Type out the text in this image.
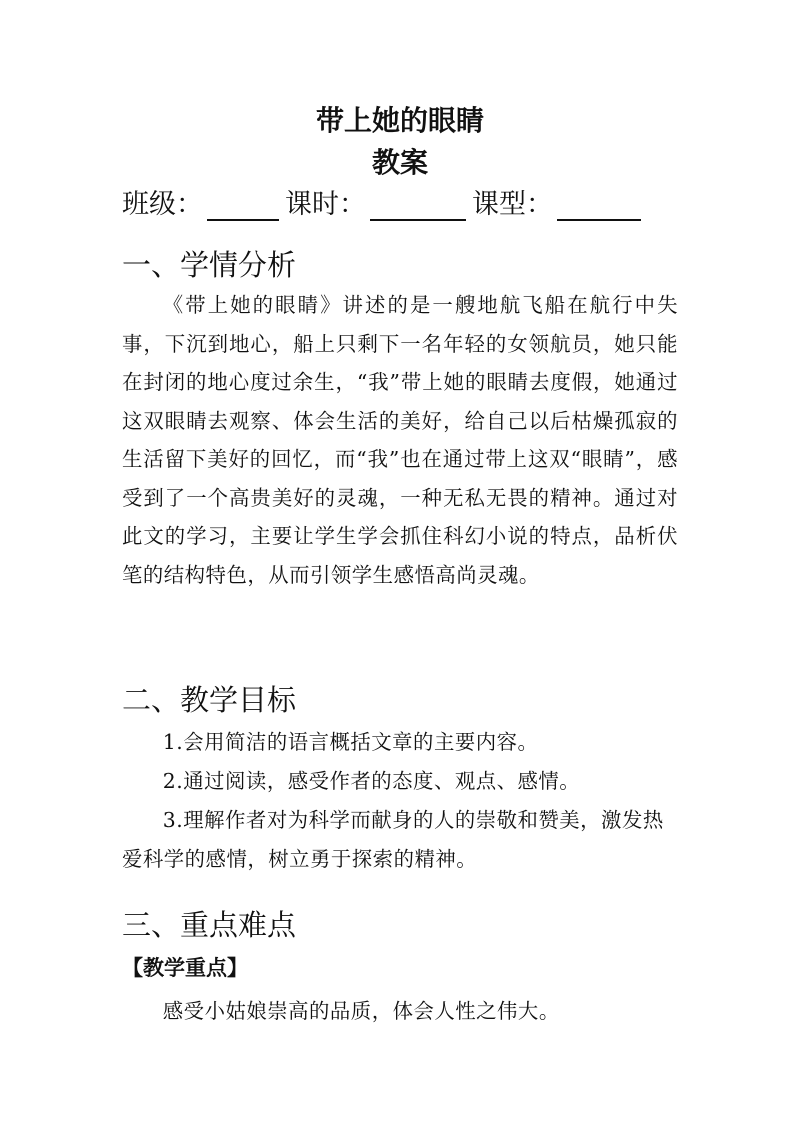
带上她的眼睛
教案
班级：	课时：	课型：
一、学情分析
《带上她的眼睛》讲述的是一艘地航飞船在航行中失事，下沉到地心，船上只剩下一名年轻的女领航员，她只能在封闭的地心度过余生，“我”带上她的眼睛去度假，她通过这双眼睛去观察、体会生活的美好，给自己以后枯燥孤寂的生活留下美好的回忆，而“我”也在通过带上这双“眼睛”，感受到了一个高贵美好的灵魂，一种无私无畏的精神。通过对此文的学习，主要让学生学会抓住科幻小说的特点，品析伏笔的结构特色，从而引领学生感悟高尚灵魂。
二、教学目标
1.会用简洁的语言概括文章的主要内容。
2.通过阅读，感受作者的态度、观点、感情。
3.理解作者对为科学而献身的人的崇敬和赞美，激发热爱科学的感情，树立勇于探索的精神。
三、重点难点
【教学重点】
感受小姑娘崇高的品质，体会人性之伟大。
